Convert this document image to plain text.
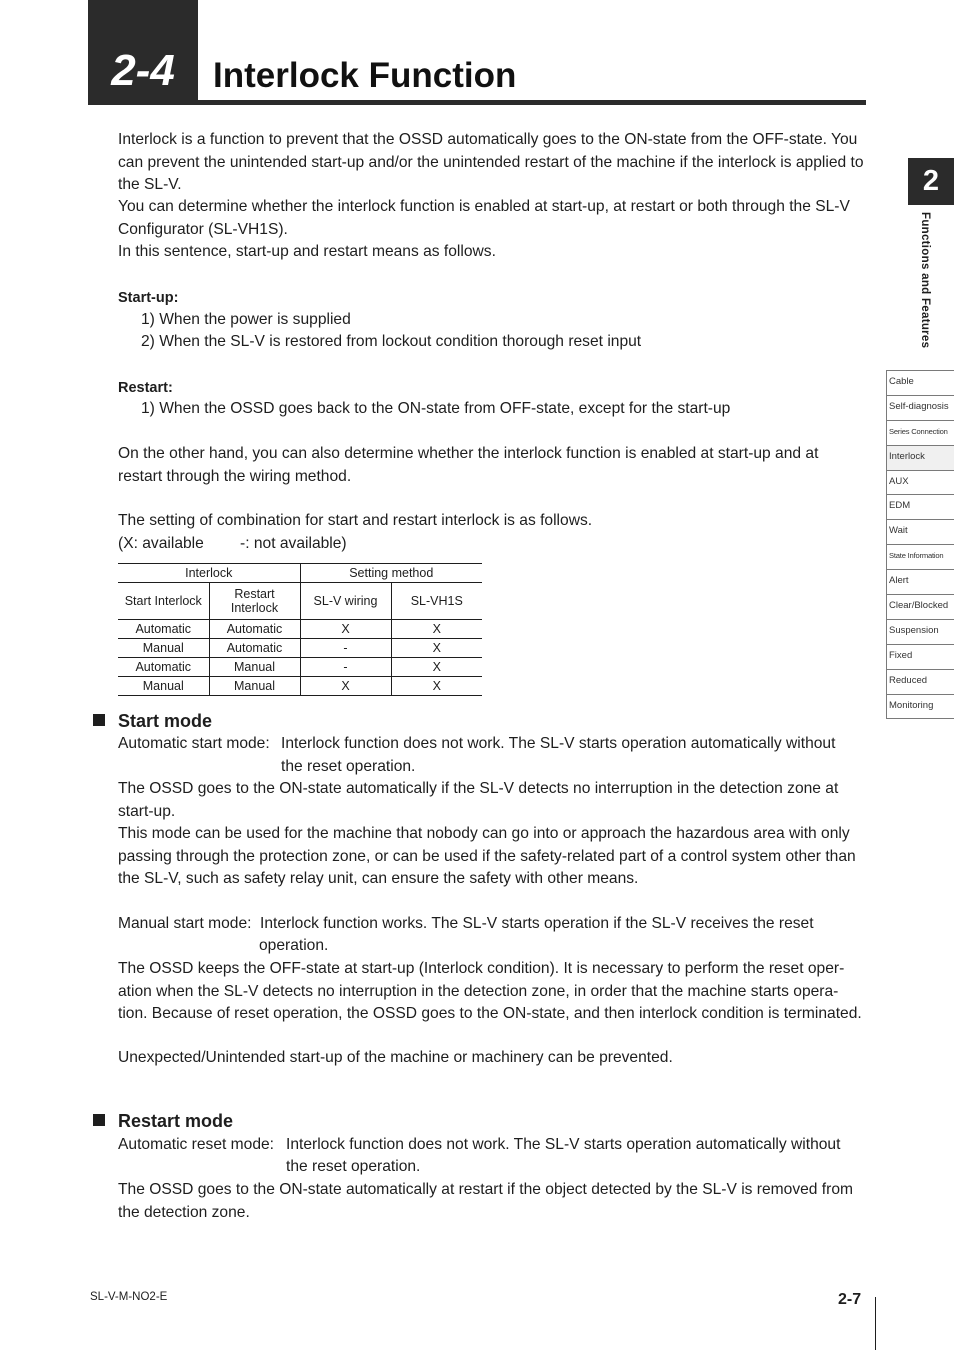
2-4	Interlock Function
Interlock is a function to prevent that the OSSD automatically goes to the ON-state from the OFF-state. You can prevent the unintended start-up and/or the unintended restart of the machine if the interlock is applied to the SL-V.
You can determine whether the interlock function is enabled at start-up, at restart or both through the SL-V Configurator (SL-VH1S).
In this sentence, start-up and restart means as follows.
Start-up:
1) When the power is supplied
2) When the SL-V is restored from lockout condition thorough reset input
Restart:
1) When the OSSD goes back to the ON-state from OFF-state, except for the start-up
On the other hand, you can also determine whether the interlock function is enabled at start-up and at restart through the wiring method.
The setting of combination for start and restart interlock is as follows.
(X: available -: not available)
Interlock		Setting method	
Start Interlock	Restart Interlock	SL-V wiring	SL-VH1S
Automatic	Automatic	X	X
Manual	Automatic	-	X
Automatic	Manual	-	X
Manual	Manual	X	X
Start mode
Automatic start mode: Interlock function does not work. The SL-V starts operation automatically without
the reset operation.
The OSSD goes to the ON-state automatically if the SL-V detects no interruption in the detection zone at start-up.
This mode can be used for the machine that nobody can go into or approach the hazardous area with only passing through the protection zone, or can be used if the safety-related part of a control system other than the SL-V, such as safety relay unit, can ensure the safety with other means.
Manual start mode: Interlock function works. The SL-V starts operation if the SL-V receives the reset
operation.
The OSSD keeps the OFF-state at start-up (Interlock condition). It is necessary to perform the reset oper-ation when the SL-V detects no interruption in the detection zone, in order that the machine starts opera-tion. Because of reset operation, the OSSD goes to the ON-state, and then interlock condition is terminated.
Unexpected/Unintended start-up of the machine or machinery can be prevented.
Restart mode
Automatic reset mode: Interlock function does not work. The SL-V starts operation automatically without
the reset operation.
The OSSD goes to the ON-state automatically at restart if the object detected by the SL-V is removed from the detection zone.
2
Functions and Features
Cable
Self-diagnosis
Series Connection
Interlock
AUX
EDM
Wait
State Information
Alert
Clear/Blocked
Suspension
Fixed
Reduced
Monitoring
SL-V-M-NO2-E	2-7
